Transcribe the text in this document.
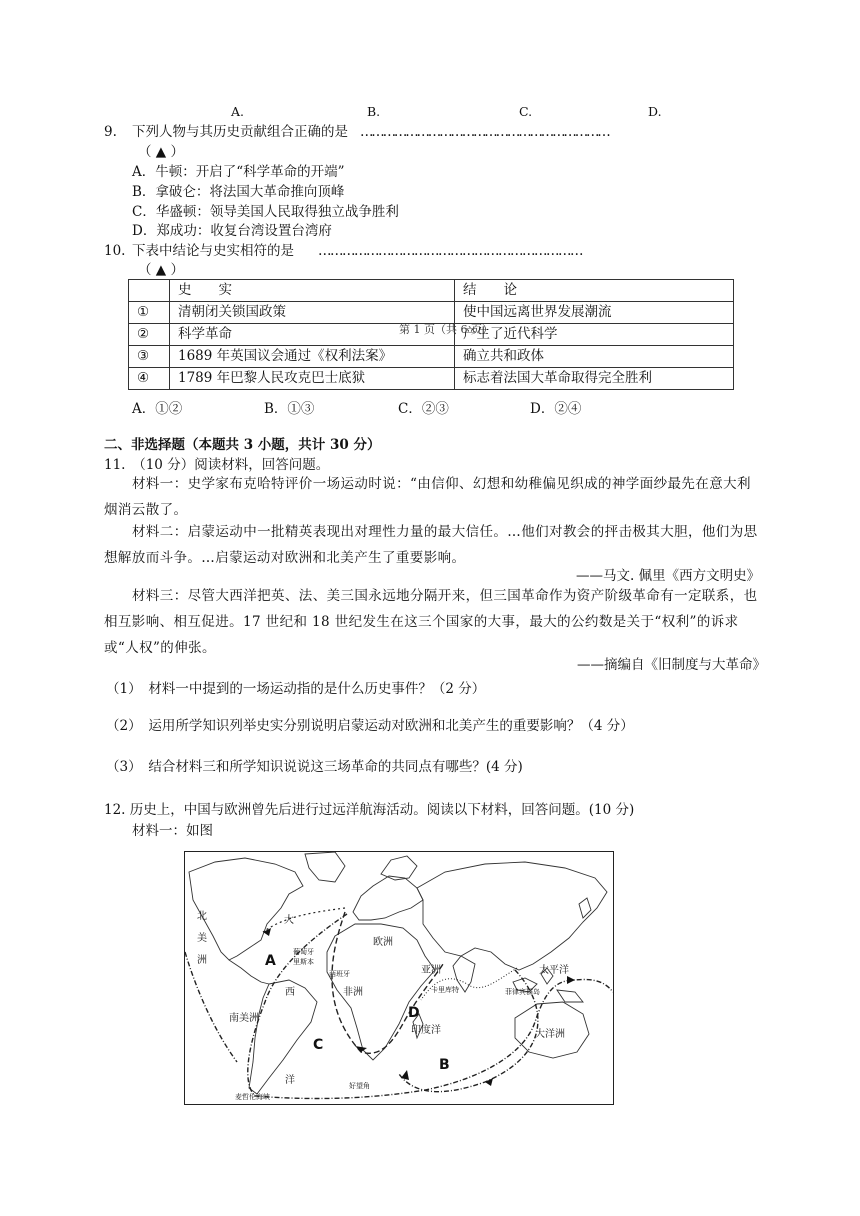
A.	B.	C.	D.
9. 下列人物与其历史贡献组合正确的是 …………………………………………………………
（ ▲ ）
A．牛顿：开启了“科学革命的开端”
B．拿破仑：将法国大革命推向顶峰
C．华盛顿：领导美国人民取得独立战争胜利
D．郑成功：收复台湾设置台湾府
10. 下表中结论与史实相符的是 …………………………………………………………
（ ▲ ）
	史　　实	结　　论
①	清朝闭关锁国政策	使中国远离世界发展潮流
②	科学革命	产生了近代科学
③	1689 年英国议会通过《权利法案》	确立共和政体
④	1789 年巴黎人民攻克巴士底狱	标志着法国大革命取得完全胜利
第 1 页（共 6 页）
A．①②	B．①③	C．②③	D．②④
二、非选择题（本题共 3 小题，共计 30 分）
11.　（10 分）阅读材料，回答问题。
材料一：史学家布克哈特评价一场运动时说：“由信仰、幻想和幼稚偏见织成的神学面纱最先在意大利烟消云散了。
材料二：启蒙运动中一批精英表现出对理性力量的最大信任。…他们对教会的抨击极其大胆，他们为思想解放而斗争。…启蒙运动对欧洲和北美产生了重要影响。
——马文. 佩里《西方文明史》
材料三：尽管大西洋把英、法、美三国永远地分隔开来，但三国革命作为资产阶级革命有一定联系，也相互影响、相互促进。17 世纪和 18 世纪发生在这三个国家的大事，最大的公约数是关于“权利”的诉求或“人权”的伸张。
——摘编自《旧制度与大革命》
（1）　材料一中提到的一场运动指的是什么历史事件？（2 分）
（2）　运用所学知识列举史实分别说明启蒙运动对欧洲和北美产生的重要影响？（4 分）
（3）　结合材料三和所学知识说说这三场革命的共同点有哪些？(4 分)
12. 历史上，中国与欧洲曾先后进行过远洋航海活动。阅读以下材料，回答问题。(10 分)
材料一：如图
北
美
洲
大
西
洋
南美洲
欧洲
亚洲
非洲
印度洋
太平洋
大洋洲
葡萄牙
里斯本
西班牙
卡里库特	菲律宾群岛
好望角
麦哲伦海峡
A
B
C
D
